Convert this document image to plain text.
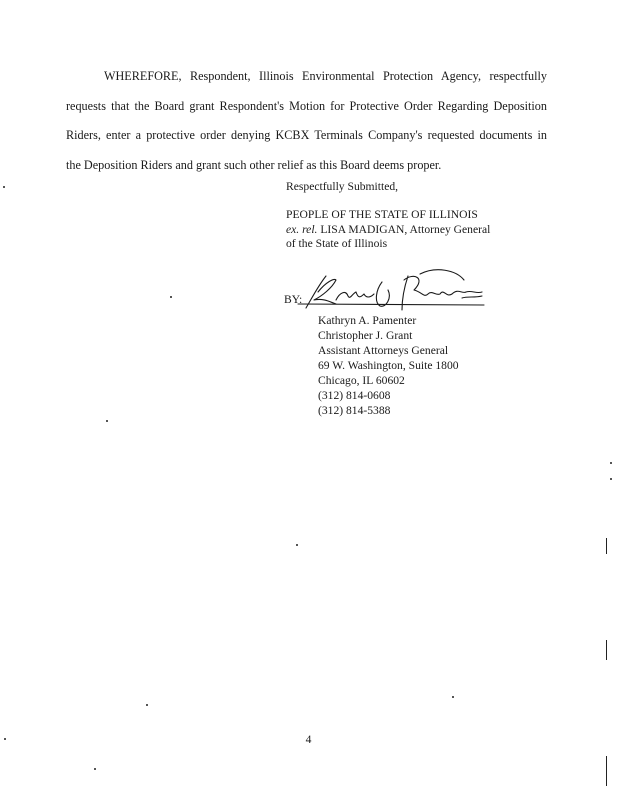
WHEREFORE, Respondent, Illinois Environmental Protection Agency, respectfully
requests that the Board grant Respondent's Motion for Protective Order Regarding Deposition
Riders, enter a protective order denying KCBX Terminals Company's requested documents in
the Deposition Riders and grant such other relief as this Board deems proper.
Respectfully Submitted,
PEOPLE OF THE STATE OF ILLINOIS
ex. rel. LISA MADIGAN, Attorney General
of the State of Illinois
BY:
Kathryn A. Pamenter
Christopher J. Grant
Assistant Attorneys General
69 W. Washington, Suite 1800
Chicago, IL 60602
(312) 814-0608
(312) 814-5388
4
